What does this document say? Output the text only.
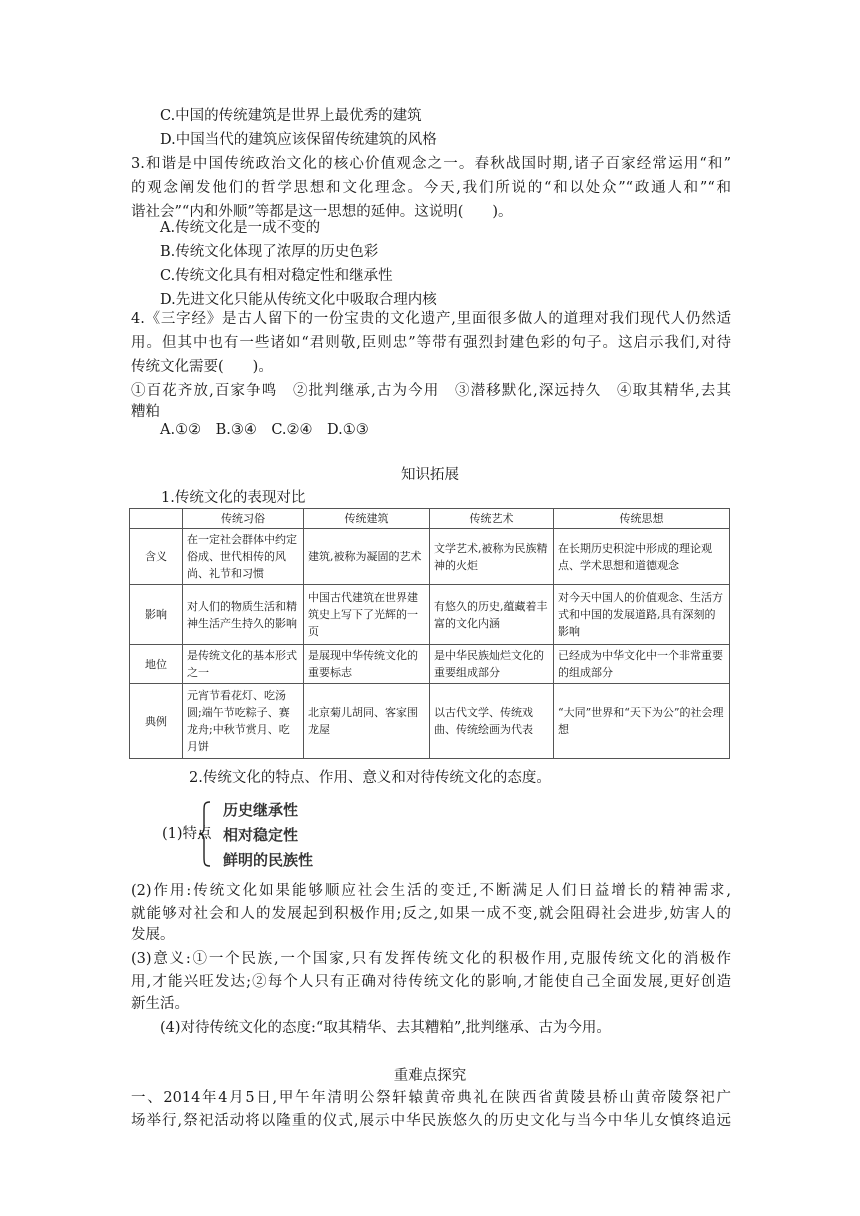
C.中国的传统建筑是世界上最优秀的建筑
D.中国当代的建筑应该保留传统建筑的风格
3.和谐是中国传统政治文化的核心价值观念之一。春秋战国时期,诸子百家经常运用“和”
的观念阐发他们的哲学思想和文化理念。今天,我们所说的“和以处众”“政通人和”“和
谐社会”“内和外顺”等都是这一思想的延伸。这说明(　　)。
A.传统文化是一成不变的
B.传统文化体现了浓厚的历史色彩
C.传统文化具有相对稳定性和继承性
D.先进文化只能从传统文化中吸取合理内核
4.《三字经》是古人留下的一份宝贵的文化遗产,里面很多做人的道理对我们现代人仍然适
用。但其中也有一些诸如“君则敬,臣则忠”等带有强烈封建色彩的句子。这启示我们,对待
传统文化需要(　　)。
①百花齐放,百家争鸣　②批判继承,古为今用　③潜移默化,深远持久　④取其精华,去其
糟粕
A.①②　B.③④　C.②④　D.①③
知识拓展
1.传统文化的表现对比
	传统习俗	传统建筑	传统艺术	传统思想
含义	在一定社会群体中约定俗成、世代相传的风尚、礼节和习惯	建筑,被称为凝固的艺术	文学艺术,被称为民族精神的火炬	在长期历史积淀中形成的理论观点、学术思想和道德观念
影响	对人们的物质生活和精神生活产生持久的影响	中国古代建筑在世界建筑史上写下了光辉的一页	有悠久的历史,蕴藏着丰富的文化内涵	对今天中国人的价值观念、生活方式和中国的发展道路,具有深刻的影响
地位	是传统文化的基本形式之一	是展现中华传统文化的重要标志	是中华民族灿烂文化的重要组成部分	已经成为中华文化中一个非常重要的组成部分
典例	元宵节看花灯、吃汤圆;端午节吃粽子、赛龙舟;中秋节赏月、吃月饼	北京菊儿胡同、客家围龙屋	以古代文学、传统戏曲、传统绘画为代表	“大同”世界和“天下为公”的社会理想
2.传统文化的特点、作用、意义和对待传统文化的态度。
(1)特点
历史继承性
相对稳定性
鲜明的民族性
(2)作用:传统文化如果能够顺应社会生活的变迁,不断满足人们日益增长的精神需求,
就能够对社会和人的发展起到积极作用;反之,如果一成不变,就会阻碍社会进步,妨害人的
发展。
(3)意义:①一个民族,一个国家,只有发挥传统文化的积极作用,克服传统文化的消极作
用,才能兴旺发达;②每个人只有正确对待传统文化的影响,才能使自己全面发展,更好创造
新生活。
(4)对待传统文化的态度:“取其精华、去其糟粕”,批判继承、古为今用。
重难点探究
一、2014年4月5日,甲午年清明公祭轩辕黄帝典礼在陕西省黄陵县桥山黄帝陵祭祀广
场举行,祭祀活动将以隆重的仪式,展示中华民族悠久的历史文化与当今中华儿女慎终追远
